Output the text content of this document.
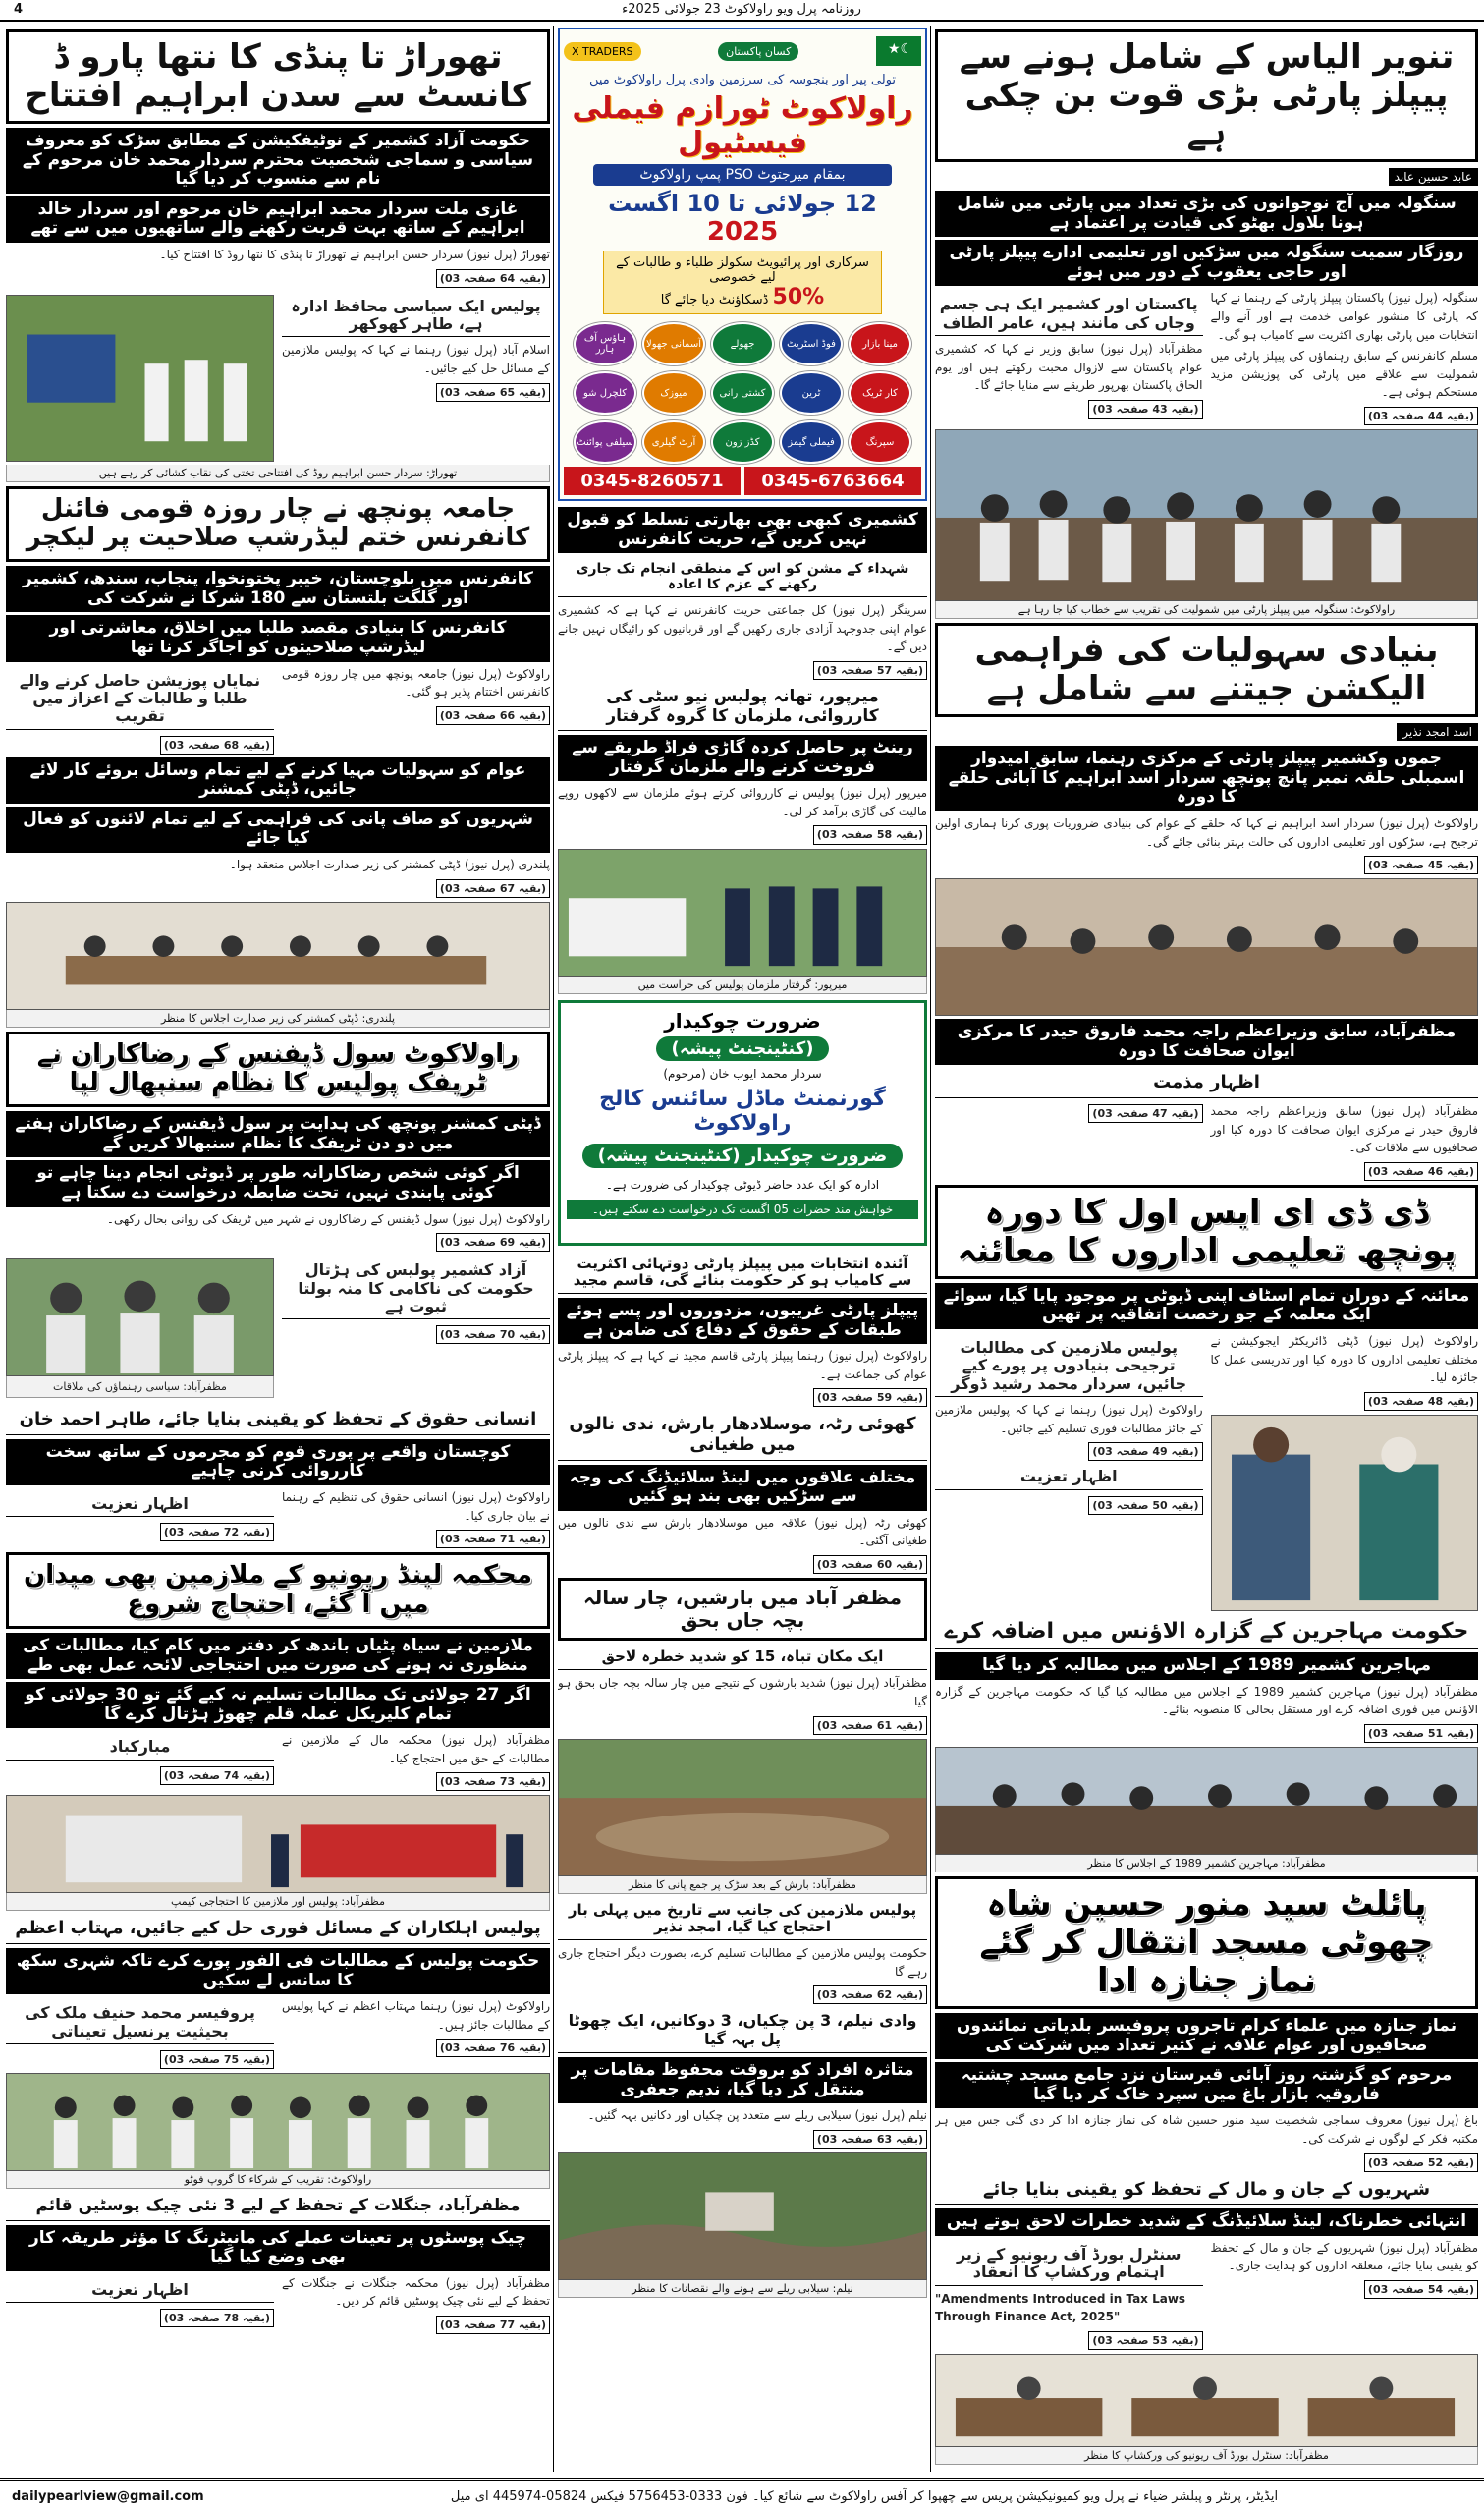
4	روزنامہ پرل ویو راولاکوٹ 23 جولائی 2025ء
تنویر الیاس کے شامل ہونے سے پیپلز پارٹی بڑی قوت بن چکی ہے
عابد حسین عابد
سنگولہ میں آج نوجوانوں کی بڑی تعداد میں پارٹی میں شامل ہونا بلاول بھٹو کی قیادت پر اعتماد ہے
روزگار سمیت سنگولہ میں سڑکیں اور تعلیمی ادارے پیپلز پارٹی اور حاجی یعقوب کے دور میں ہوئے

سنگولہ (پرل نیوز) پاکستان پیپلز پارٹی کے رہنما نے کہا کہ پارٹی کا منشور عوامی خدمت ہے اور آنے والے انتخابات میں پارٹی بھاری اکثریت سے کامیاب ہو گی۔

مسلم کانفرنس کے سابق رہنماؤں کی پیپلز پارٹی میں شمولیت سے علاقے میں پارٹی کی پوزیشن مزید مستحکم ہوئی ہے۔

(بقیہ 44 صفحہ 03)
پاکستان اور کشمیر ایک ہی جسم وجاں کی مانند ہیں، عامر الطاف

مظفرآباد (پرل نیوز) سابق وزیر نے کہا کہ کشمیری عوام پاکستان سے لازوال محبت رکھتے ہیں اور یوم الحاق پاکستان بھرپور طریقے سے منایا جائے گا۔

(بقیہ 43 صفحہ 03)
راولاکوٹ: سنگولہ میں پیپلز پارٹی میں شمولیت کی تقریب سے خطاب کیا جا رہا ہے
بنیادی سہولیات کی فراہمی الیکشن جیتنے سے شامل ہے
اسد امجد نذیر
جموں وکشمیر پیپلز پارٹی کے مرکزی رہنما، سابق امیدوار اسمبلی حلقہ نمبر پانچ پونچھ سردار اسد ابراہیم کا آبائی حلقے کا دورہ

راولاکوٹ (پرل نیوز) سردار اسد ابراہیم نے کہا کہ حلقے کے عوام کی بنیادی ضروریات پوری کرنا ہماری اولین ترجیح ہے، سڑکوں اور تعلیمی اداروں کی حالت بہتر بنائی جائے گی۔

(بقیہ 45 صفحہ 03)
مظفرآباد، سابق وزیراعظم راجہ محمد فاروق حیدر کا مرکزی ایوان صحافت کا دورہ
اظہار مذمت

مظفرآباد (پرل نیوز) سابق وزیراعظم راجہ محمد فاروق حیدر نے مرکزی ایوان صحافت کا دورہ کیا اور صحافیوں سے ملاقات کی۔

(بقیہ 46 صفحہ 03)
(بقیہ 47 صفحہ 03)
ڈی ڈی ای ایس اول کا دورہ پونچھ تعلیمی اداروں کا معائنہ
معائنہ کے دوران تمام اسٹاف اپنی ڈیوٹی پر موجود پایا گیا، سوائے ایک معلمہ کے جو رخصت اتفاقیہ پر تھیں

راولاکوٹ (پرل نیوز) ڈپٹی ڈائریکٹر ایجوکیشن نے مختلف تعلیمی اداروں کا دورہ کیا اور تدریسی عمل کا جائزہ لیا۔

(بقیہ 48 صفحہ 03)
پولیس ملازمین کی مطالبات ترجیحی بنیادوں پر پورے کیے جائیں، سردار محمد رشید ڈوگر

راولاکوٹ (پرل نیوز) رہنما نے کہا کہ پولیس ملازمین کے جائز مطالبات فوری تسلیم کیے جائیں۔

(بقیہ 49 صفحہ 03)
اظہار تعزیت
(بقیہ 50 صفحہ 03)
حکومت مہاجرین کے گزارہ الاؤنس میں اضافہ کرے
مہاجرین کشمیر 1989 کے اجلاس میں مطالبہ کر دیا گیا

مظفرآباد (پرل نیوز) مہاجرین کشمیر 1989 کے اجلاس میں مطالبہ کیا گیا کہ حکومت مہاجرین کے گزارہ الاؤنس میں فوری اضافہ کرے اور مستقل بحالی کا منصوبہ بنائے۔

(بقیہ 51 صفحہ 03)
مظفرآباد: مہاجرین کشمیر 1989 کے اجلاس کا منظر
پائلٹ سید منور حسین شاہ چھوٹی مسجد انتقال کر گئے نماز جنازہ ادا
نماز جنازہ میں علماء کرام تاجروں پروفیسر بلدیاتی نمائندوں صحافیوں اور عوام علاقہ نے کثیر تعداد میں شرکت کی
مرحوم کو گزشتہ روز آبائی قبرستان نزد جامع مسجد چشتیہ فاروقیہ بازار باغ میں سپرد خاک کر دیا گیا

باغ (پرل نیوز) معروف سماجی شخصیت سید منور حسین شاہ کی نماز جنازہ ادا کر دی گئی جس میں ہر مکتبہ فکر کے لوگوں نے شرکت کی۔

(بقیہ 52 صفحہ 03)
شہریوں کے جان و مال کے تحفظ کو یقینی بنایا جائے
انتہائی خطرناک، لینڈ سلائیڈنگ کے شدید خطرات لاحق ہوتے ہیں

مظفرآباد (پرل نیوز) شہریوں کے جان و مال کے تحفظ کو یقینی بنایا جائے، متعلقہ اداروں کو ہدایت جاری۔

(بقیہ 54 صفحہ 03)
سنٹرل بورڈ آف ریونیو کے زیر اہتمام ورکشاپ کا انعقاد

"Amendments Introduced in Tax Laws Through Finance Act, 2025"

(بقیہ 53 صفحہ 03)
مظفرآباد: سنٹرل بورڈ آف ریونیو کی ورکشاپ کا منظر

☾★
کسان پاکستان
X TRADERS
تولی پیر اور بنجوسہ کی سرزمین وادی پرل راولاکوٹ میں
راولاکوٹ ٹورازم فیملی فیسٹیول
بمقام میرجتوٹ PSO پمپ راولاکوٹ
12 جولائی تا 10 اگست
2025
سرکاری اور پرائیویٹ سکولز طلباء و طالبات کے لیے خصوصی
50% ڈسکاؤنٹ دیا جائے گا
مینا بازار
فوڈ اسٹریٹ
جھولے
آسمانی جھولا
ہاؤس آف ہارر
کار ٹریک
ٹرین
کشتی رانی
میوزک
کلچرل شو
سپرنگ
فیملی گیمز
کڈز زون
آرٹ گیلری
سیلفی پوائنٹ
0345-6763664
0345-8260571
کشمیری کبھی بھی بھارتی تسلط کو قبول نہیں کریں گے، حریت کانفرنس
شہداء کے مشن کو اس کے منطقی انجام تک جاری رکھنے کے عزم کا اعادہ

سرینگر (پرل نیوز) کل جماعتی حریت کانفرنس نے کہا ہے کہ کشمیری عوام اپنی جدوجہد آزادی جاری رکھیں گے اور قربانیوں کو رائیگاں نہیں جانے دیں گے۔

(بقیہ 57 صفحہ 03)
میرپور، تھانہ پولیس نیو سٹی کی کارروائی، ملزمان کا گروہ گرفتار
رینٹ پر حاصل کردہ گاڑی فراڈ طریقے سے فروخت کرنے والے ملزمان گرفتار

میرپور (پرل نیوز) پولیس نے کارروائی کرتے ہوئے ملزمان سے لاکھوں روپے مالیت کی گاڑی برآمد کر لی۔

(بقیہ 58 صفحہ 03)
میرپور: گرفتار ملزمان پولیس کی حراست میں
ضرورت چوکیدار
(کنٹینجنٹ پیشہ)
سردار محمد ایوب خان (مرحوم)
گورنمنٹ ماڈل سائنس کالج راولاکوٹ
ضرورت چوکیدار (کنٹینجنٹ پیشہ)
ادارہ کو ایک عدد حاضر ڈیوٹی چوکیدار کی ضرورت ہے۔
خواہش مند حضرات 05 اگست تک درخواست دے سکتے ہیں۔
آئندہ انتخابات میں پیپلز پارٹی دوتہائی اکثریت سے کامیاب ہو کر حکومت بنائے گی، قاسم مجید
پیپلز پارٹی غریبوں، مزدوروں اور پسے ہوئے طبقات کے حقوق کے دفاع کی ضامن ہے

راولاکوٹ (پرل نیوز) رہنما پیپلز پارٹی قاسم مجید نے کہا ہے کہ پیپلز پارٹی عوام کی جماعت ہے۔

(بقیہ 59 صفحہ 03)
کھوئی رٹہ، موسلادھار بارش، ندی نالوں میں طغیانی
مختلف علاقوں میں لینڈ سلائیڈنگ کی وجہ سے سڑکیں بھی بند ہو گئیں

کھوئی رٹہ (پرل نیوز) علاقہ میں موسلادھار بارش سے ندی نالوں میں طغیانی آگئی۔

(بقیہ 60 صفحہ 03)
مظفر آباد میں بارشیں، چار سالہ بچہ جاں بحق
ایک مکان تباہ، 15 کو شدید خطرہ لاحق

مظفرآباد (پرل نیوز) شدید بارشوں کے نتیجے میں چار سالہ بچہ جاں بحق ہو گیا۔

(بقیہ 61 صفحہ 03)
مظفرآباد: بارش کے بعد سڑک پر جمع پانی کا منظر
پولیس ملازمین کی جانب سے تاریخ میں پہلی بار احتجاج کیا گیا، امجد نذیر

حکومت پولیس ملازمین کے مطالبات تسلیم کرے، بصورت دیگر احتجاج جاری رہے گا

(بقیہ 62 صفحہ 03)
وادی نیلم، 3 پن چکیاں، 3 دوکانیں، ایک چھوٹا پل بہہ گیا
متاثرہ افراد کو بروقت محفوظ مقامات پر منتقل کر دیا گیا، ندیم جعفری

نیلم (پرل نیوز) سیلابی ریلے سے متعدد پن چکیاں اور دکانیں بہہ گئیں۔

(بقیہ 63 صفحہ 03)
نیلم: سیلابی ریلے سے ہونے والے نقصانات کا منظر
تھوراڑ تا پنڈی کا نتھا پارو ڈ کانسٹ سے سدن ابراہیم افتتاح
حکومت آزاد کشمیر کے نوٹیفکیشن کے مطابق سڑک کو معروف سیاسی و سماجی شخصیت محترم سردار محمد خان مرحوم کے نام سے منسوب کر دیا گیا
غازی ملت سردار محمد ابراہیم خان مرحوم اور سردار خالد ابراہیم کے ساتھ بہت قربت رکھنے والے ساتھیوں میں سے تھے

تھوراڑ (پرل نیوز) سردار حسن ابراہیم نے تھوراڑ تا پنڈی کا نتھا روڈ کا افتتاح کیا۔

(بقیہ 64 صفحہ 03)
پولیس ایک سیاسی محافظ ادارہ ہے، طاہر کھوکھر

اسلام آباد (پرل نیوز) رہنما نے کہا کہ پولیس ملازمین کے مسائل حل کیے جائیں۔

(بقیہ 65 صفحہ 03)
تھوراڑ: سردار حسن ابراہیم روڈ کی افتتاحی تختی کی نقاب کشائی کر رہے ہیں
جامعہ پونچھ نے چار روزہ قومی فائنل کانفرنس ختم لیڈرشپ صلاحیت پر لیکچر
کانفرنس میں بلوچستان، خیبر پختونخوا، پنجاب، سندھ، کشمیر اور گلگت بلتستان سے 180 شرکا نے شرکت کی
کانفرنس کا بنیادی مقصد طلبا میں اخلاق، معاشرتی اور لیڈرشپ صلاحیتوں کو اجاگر کرنا تھا

راولاکوٹ (پرل نیوز) جامعہ پونچھ میں چار روزہ قومی کانفرنس اختتام پذیر ہو گئی۔

(بقیہ 66 صفحہ 03)
نمایاں پوزیشن حاصل کرنے والے طلبا و طالبات کے اعزاز میں تقریب
(بقیہ 68 صفحہ 03)
عوام کو سہولیات مہیا کرنے کے لیے تمام وسائل بروئے کار لائے جائیں، ڈپٹی کمشنر
شہریوں کو صاف پانی کی فراہمی کے لیے تمام لائنوں کو فعال کیا جائے

پلندری (پرل نیوز) ڈپٹی کمشنر کی زیر صدارت اجلاس منعقد ہوا۔

(بقیہ 67 صفحہ 03)
پلندری: ڈپٹی کمشنر کی زیر صدارت اجلاس کا منظر
راولاکوٹ سول ڈیفنس کے رضاکاران نے ٹریفک پولیس کا نظام سنبھال لیا
ڈپٹی کمشنر پونچھ کی ہدایت پر سول ڈیفنس کے رضاکاران ہفتے میں دو دن ٹریفک کا نظام سنبھالا کریں گے
اگر کوئی شخص رضاکارانہ طور پر ڈیوٹی انجام دینا چاہے تو کوئی پابندی نہیں، تحت ضابطہ درخواست دے سکتا ہے

راولاکوٹ (پرل نیوز) سول ڈیفنس کے رضاکاروں نے شہر میں ٹریفک کی روانی بحال رکھی۔

(بقیہ 69 صفحہ 03)
آزاد کشمیر پولیس کی ہڑتال حکومت کی ناکامی کا منہ بولتا ثبوت ہے
(بقیہ 70 صفحہ 03)
مظفرآباد: سیاسی رہنماؤں کی ملاقات
انسانی حقوق کے تحفظ کو یقینی بنایا جائے، طاہر احمد خان
کوچستان واقعے پر پوری قوم کو مجرموں کے ساتھ سخت کارروائی کرنی چاہیے

راولاکوٹ (پرل نیوز) انسانی حقوق کی تنظیم کے رہنما نے بیان جاری کیا۔

(بقیہ 71 صفحہ 03)
اظہار تعزیت
(بقیہ 72 صفحہ 03)
محکمہ لینڈ ریونیو کے ملازمین بھی میدان میں آ گئے، احتجاج شروع
ملازمین نے سیاہ پٹیاں باندھ کر دفتر میں کام کیا، مطالبات کی منظوری نہ ہونے کی صورت میں احتجاجی لائحہ عمل بھی طے
اگر 27 جولائی تک مطالبات تسلیم نہ کیے گئے تو 30 جولائی کو تمام کلیریکل عملہ قلم چھوڑ ہڑتال کرے گا

مظفرآباد (پرل نیوز) محکمہ مال کے ملازمین نے مطالبات کے حق میں احتجاج کیا۔

(بقیہ 73 صفحہ 03)
مبارکباد
(بقیہ 74 صفحہ 03)
مظفرآباد: پولیس اور ملازمین کا احتجاجی کیمپ
پولیس اہلکاران کے مسائل فوری حل کیے جائیں، مہتاب اعظم
حکومت پولیس کے مطالبات فی الفور پورے کرے تاکہ شہری سکھ کا سانس لے سکیں

راولاکوٹ (پرل نیوز) رہنما مہتاب اعظم نے کہا پولیس کے مطالبات جائز ہیں۔

(بقیہ 76 صفحہ 03)
پروفیسر محمد حنیف ملک کی بحیثیت پرنسپل تعیناتی
(بقیہ 75 صفحہ 03)
راولاکوٹ: تقریب کے شرکاء کا گروپ فوٹو
مظفرآباد، جنگلات کے تحفظ کے لیے 3 نئی چیک پوسٹیں قائم
چیک پوسٹوں پر تعینات عملے کی مانیٹرنگ کا مؤثر طریقہ کار بھی وضع کیا گیا

مظفرآباد (پرل نیوز) محکمہ جنگلات نے جنگلات کے تحفظ کے لیے نئی چیک پوسٹیں قائم کر دیں۔

(بقیہ 77 صفحہ 03)
اظہار تعزیت
(بقیہ 78 صفحہ 03)
dailypearlview@gmail.com	ایڈیٹر، پرنٹر و پبلشر ضیاء نے پرل ویو کمیونیکیشن پریس سے چھپوا کر آفس راولاکوٹ سے شائع کیا۔ فون 0333-5756453 فیکس 05824-445974 ای میل
